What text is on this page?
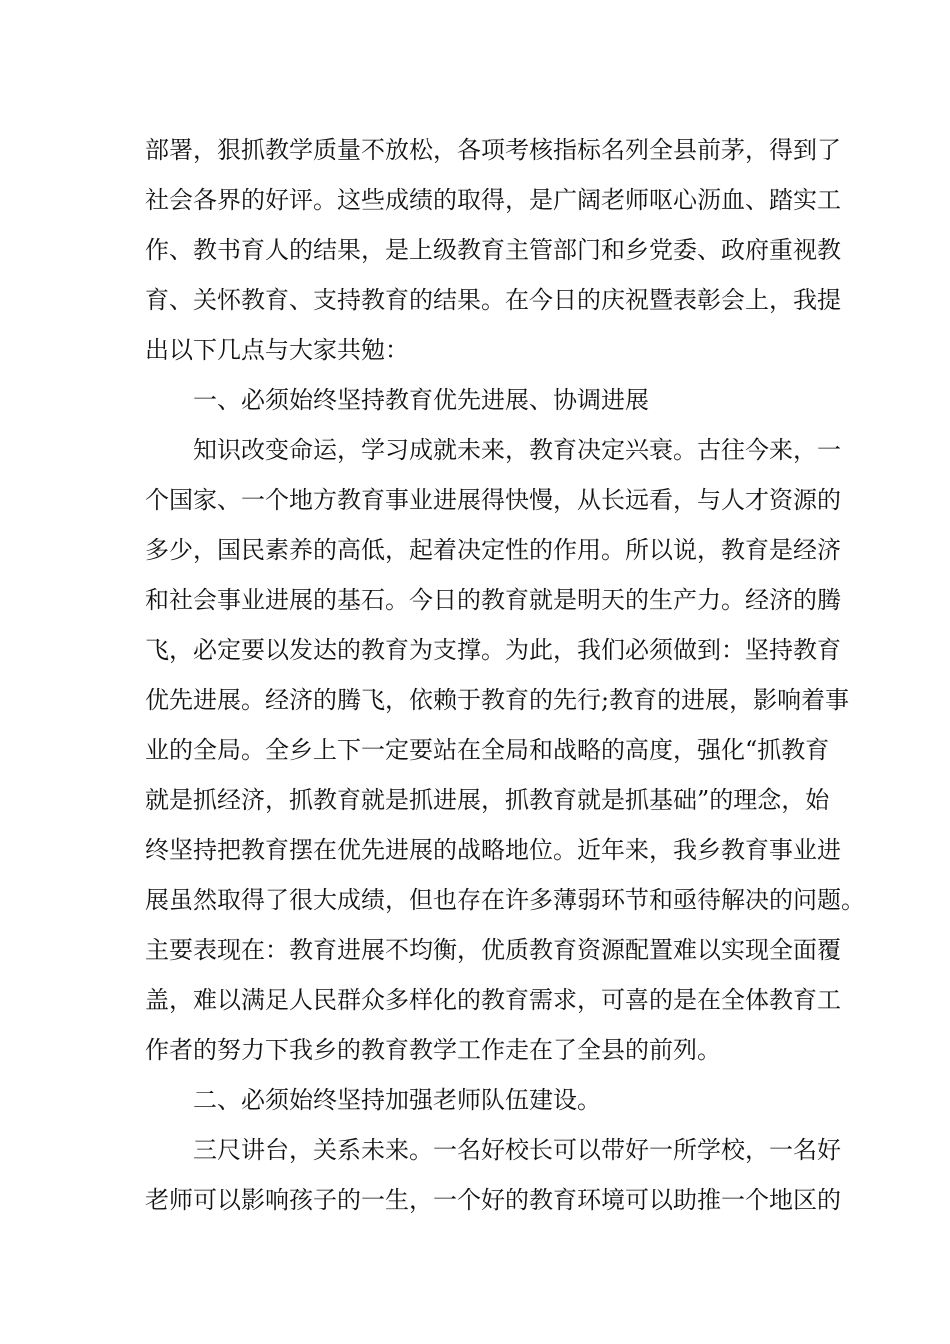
部署，狠抓教学质量不放松，各项考核指标名列全县前茅，得到了
社会各界的好评。这些成绩的取得，是广阔老师呕心沥血、踏实工
作、教书育人的结果，是上级教育主管部门和乡党委、政府重视教
育、关怀教育、支持教育的结果。在今日的庆祝暨表彰会上，我提
出以下几点与大家共勉：
一、必须始终坚持教育优先进展、协调进展
知识改变命运，学习成就未来，教育决定兴衰。古往今来，一
个国家、一个地方教育事业进展得快慢，从长远看，与人才资源的
多少，国民素养的高低，起着决定性的作用。所以说，教育是经济
和社会事业进展的基石。今日的教育就是明天的生产力。经济的腾
飞，必定要以发达的教育为支撑。为此，我们必须做到：坚持教育
优先进展。经济的腾飞，依赖于教育的先行;教育的进展，影响着事
业的全局。全乡上下一定要站在全局和战略的高度，强化“抓教育
就是抓经济，抓教育就是抓进展，抓教育就是抓基础”的理念，始
终坚持把教育摆在优先进展的战略地位。近年来，我乡教育事业进
展虽然取得了很大成绩，但也存在许多薄弱环节和亟待解决的问题。
主要表现在：教育进展不均衡，优质教育资源配置难以实现全面覆
盖，难以满足人民群众多样化的教育需求，可喜的是在全体教育工
作者的努力下我乡的教育教学工作走在了全县的前列。
二、必须始终坚持加强老师队伍建设。
三尺讲台，关系未来。一名好校长可以带好一所学校，一名好
老师可以影响孩子的一生，一个好的教育环境可以助推一个地区的
